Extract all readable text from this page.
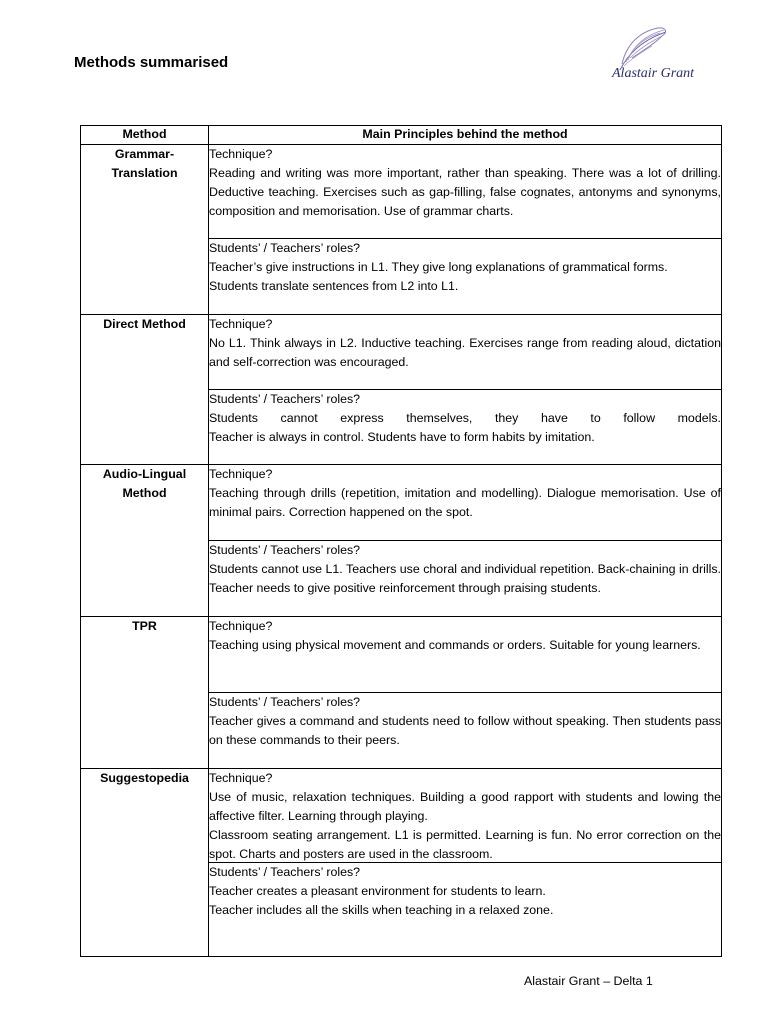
Methods summarised
Alastair Grant
Method	Main Principles behind the method
Grammar-Translation	Technique?
Reading and writing was more important, rather than speaking. There was a lot of drilling. Deductive teaching. Exercises such as gap-filling, false cognates, antonyms and synonyms, composition and memorisation. Use of grammar charts.

	Students’ / Teachers’ roles?
Teacher’s give instructions in L1. They give long explanations of grammatical forms.
Students translate sentences from L2 into L1.

Direct Method	Technique?
No L1. Think always in L2. Inductive teaching. Exercises range from reading aloud, dictation and self-correction was encouraged.

	Students’ / Teachers’ roles?
Students cannot express themselves, they have to follow models.
Teacher is always in control. Students have to form habits by imitation.

Audio-Lingual Method	Technique?
Teaching through drills (repetition, imitation and modelling). Dialogue memorisation. Use of minimal pairs. Correction happened on the spot.

	Students’ / Teachers’ roles?
Students cannot use L1. Teachers use choral and individual repetition. Back-chaining in drills. Teacher needs to give positive reinforcement through praising students.

TPR	Technique?
Teaching using physical movement and commands or orders. Suitable for young learners.

	Students’ / Teachers’ roles?
Teacher gives a command and students need to follow without speaking. Then students pass on these commands to their peers.

Suggestopedia	Technique?
Use of music, relaxation techniques. Building a good rapport with students and lowing the affective filter. Learning through playing.
Classroom seating arrangement. L1 is permitted. Learning is fun. No error correction on the spot. Charts and posters are used in the classroom.

	Students’ / Teachers’ roles?
Teacher creates a pleasant environment for students to learn.
Teacher includes all the skills when teaching in a relaxed zone.
Alastair Grant – Delta 1
